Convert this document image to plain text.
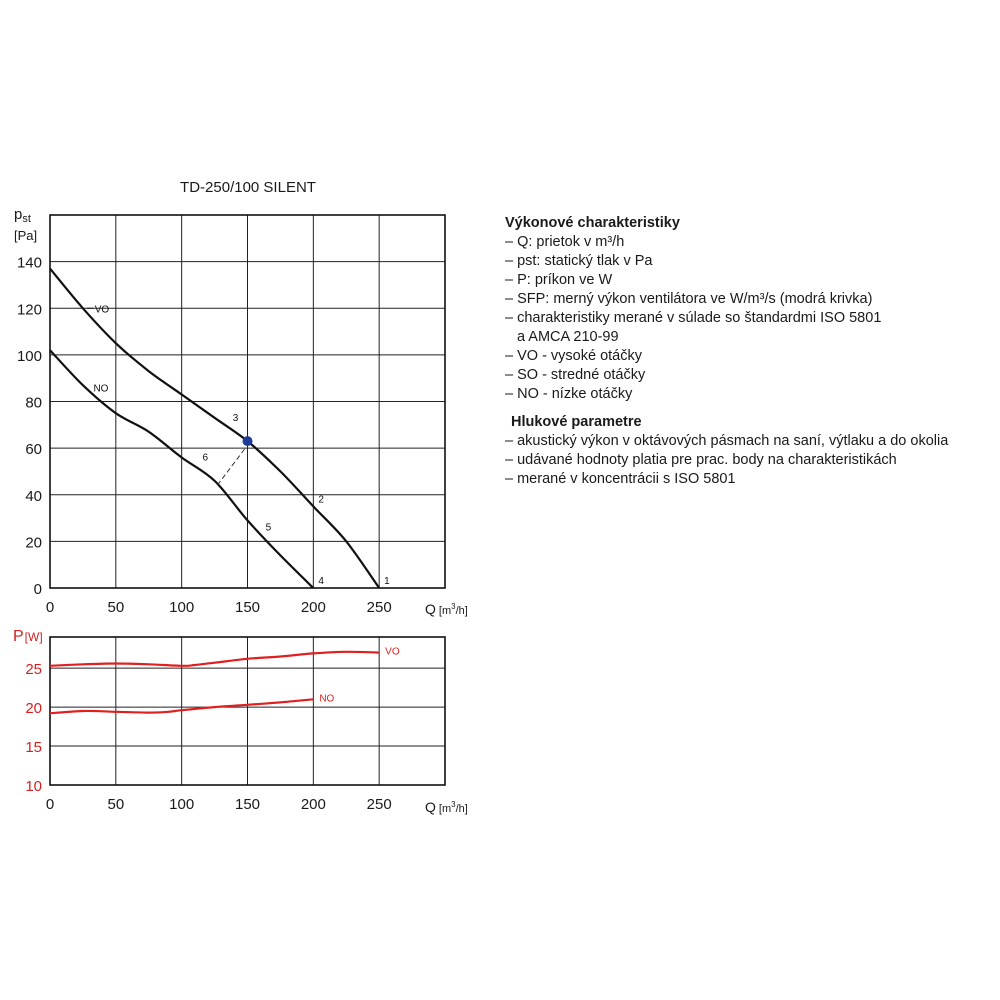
0	50	100	150	200	250
0
20
40
60
80
100
120
140
TD-250/100 SILENT
$p_{st}$
[Pa]
Q [$m^3_{/h]}$
VO
NO
1
2
3
4
5
6
0	50	100	150	200	250
10
15
20
25
P[W]
Q [$m^3_{/h]}$
VO
NO
Výkonové charakteristiky
– Q: prietok v m³/h
– pst: statický tlak v Pa
– P: príkon ve W
– SFP: merný výkon ventilátora ve W/m³/s (modrá krivka)
– charakteristiky merané v súlade so štandardmi ISO 5801
a AMCA 210-99
– VO - vysoké otáčky
– SO - stredné otáčky
– NO - nízke otáčky
Hlukové parametre
– akustický výkon v oktávových pásmach na saní, výtlaku a do okolia
– udávané hodnoty platia pre prac. body na charakteristikách
– merané v koncentrácii s ISO 5801
